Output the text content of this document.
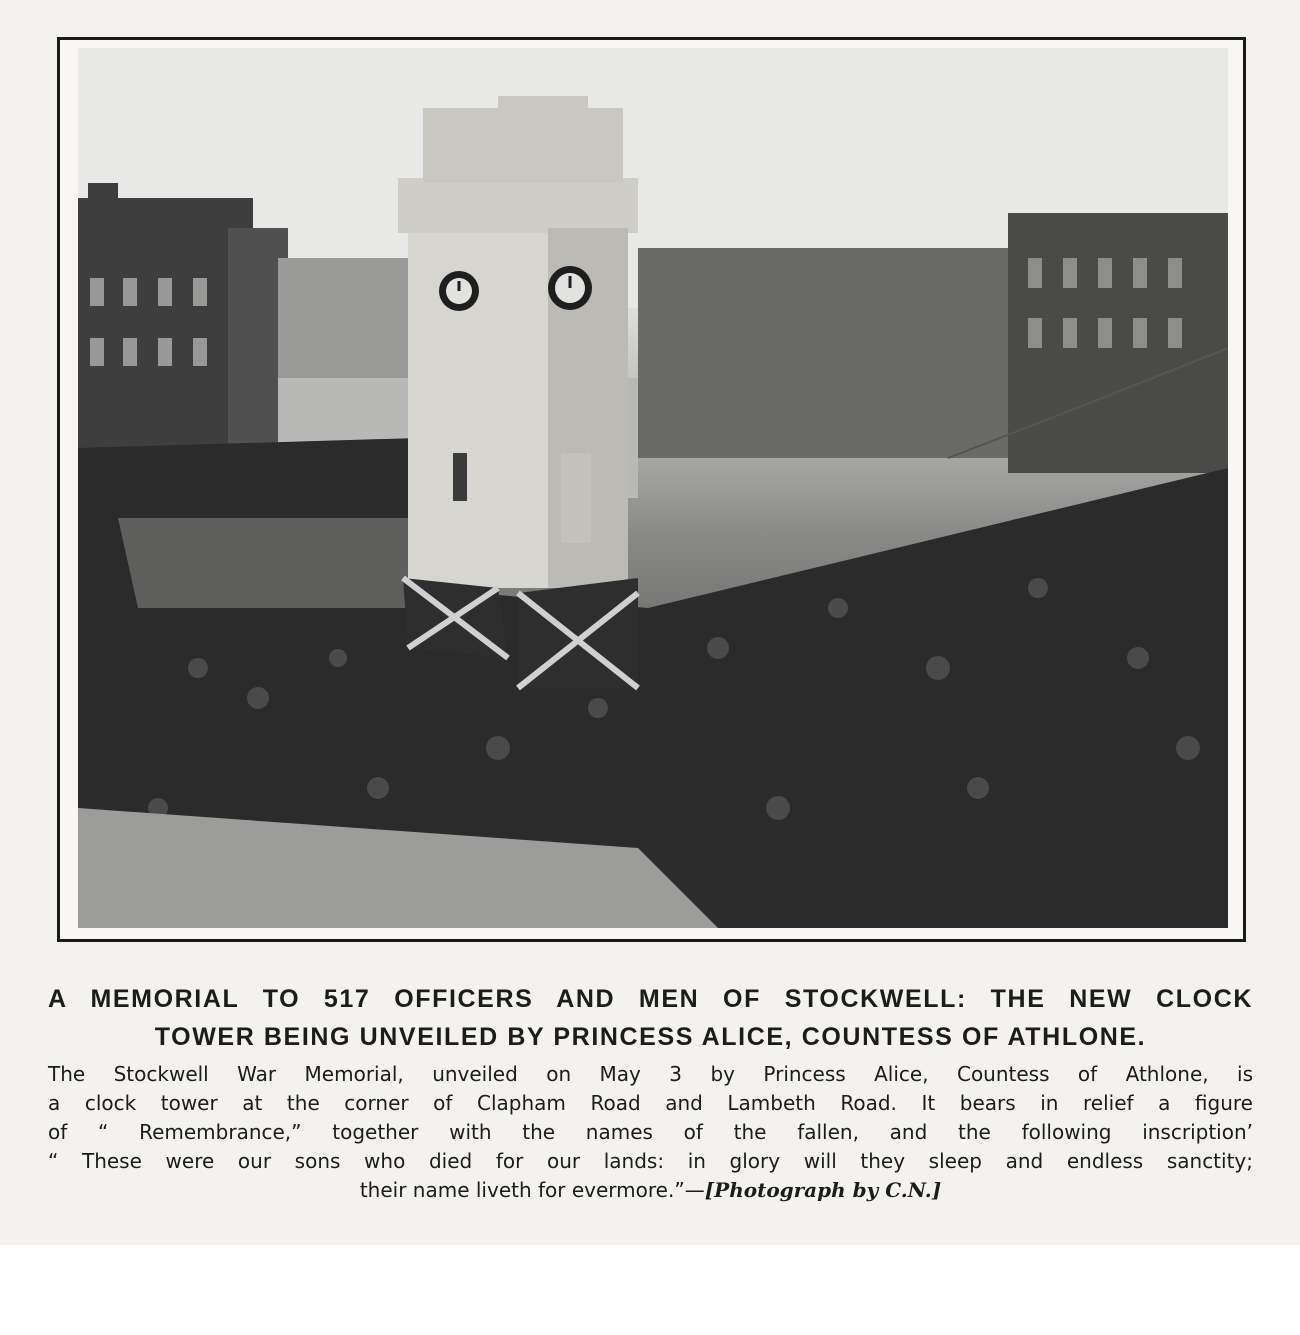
A MEMORIAL TO 517 OFFICERS AND MEN OF STOCKWELL: THE NEW CLOCK
TOWER BEING UNVEILED BY PRINCESS ALICE, COUNTESS OF ATHLONE.
The Stockwell War Memorial, unveiled on May 3 by Princess Alice, Countess of Athlone, is
a clock tower at the corner of Clapham Road and Lambeth Road. It bears in relief a figure
of “ Remembrance,” together with the names of the fallen, and the following inscription’
“ These were our sons who died for our lands: in glory will they sleep and endless sanctity;
their name liveth for evermore.”—[Photograph by C.N.]
